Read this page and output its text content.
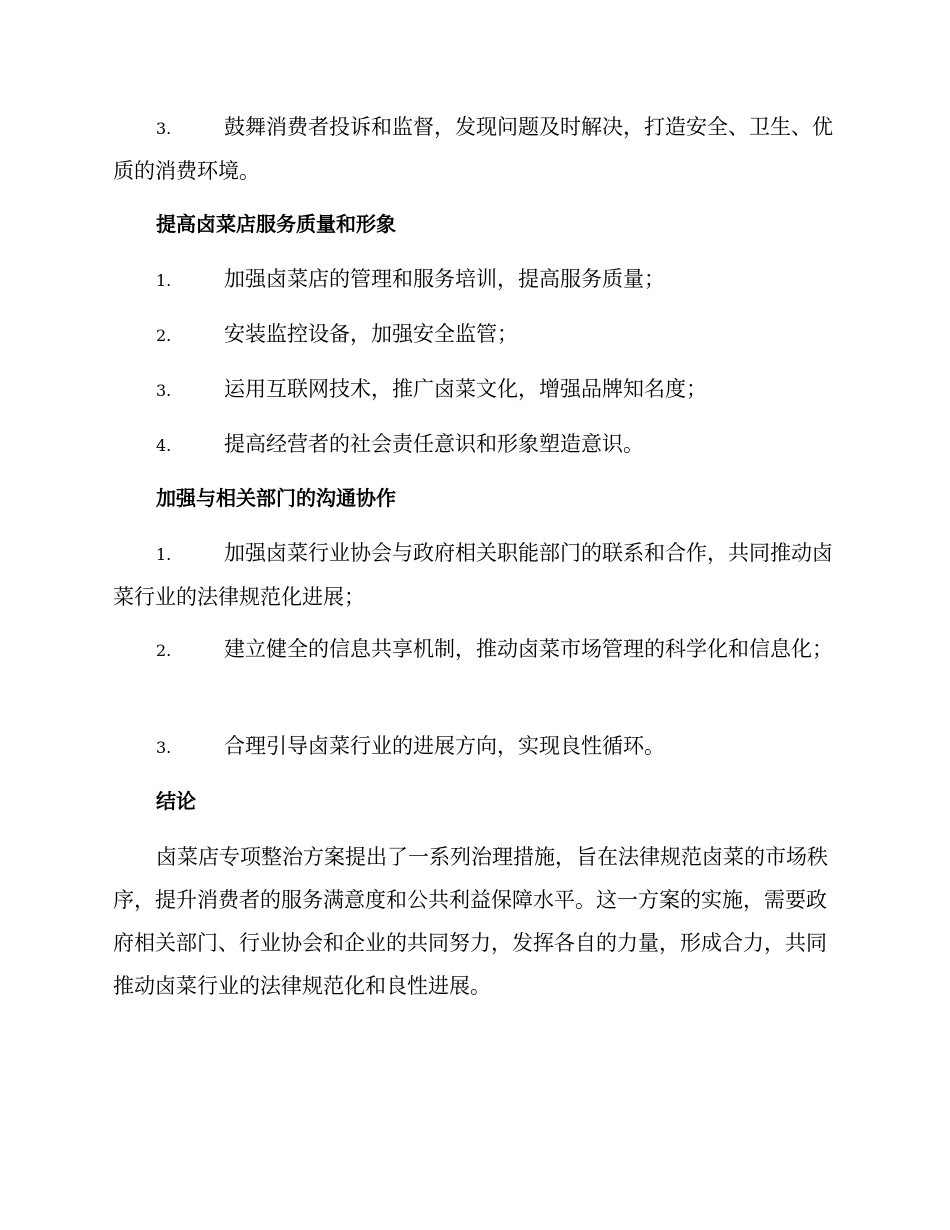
3.	鼓舞消费者投诉和监督，发现问题及时解决，打造安全、卫生、优质的消费环境。
提高卤菜店服务质量和形象
1.	加强卤菜店的管理和服务培训，提高服务质量；
2.	安装监控设备，加强安全监管；
3.	运用互联网技术，推广卤菜文化，增强品牌知名度；
4.	提高经营者的社会责任意识和形象塑造意识。
加强与相关部门的沟通协作
1.	加强卤菜行业协会与政府相关职能部门的联系和合作，共同推动卤菜行业的法律规范化进展；
2.	建立健全的信息共享机制，推动卤菜市场管理的科学化和信息化；
3.	合理引导卤菜行业的进展方向，实现良性循环。
结论
卤菜店专项整治方案提出了一系列治理措施，旨在法律规范卤菜的市场秩序，提升消费者的服务满意度和公共利益保障水平。这一方案的实施，需要政府相关部门、行业协会和企业的共同努力，发挥各自的力量，形成合力，共同推动卤菜行业的法律规范化和良性进展。
